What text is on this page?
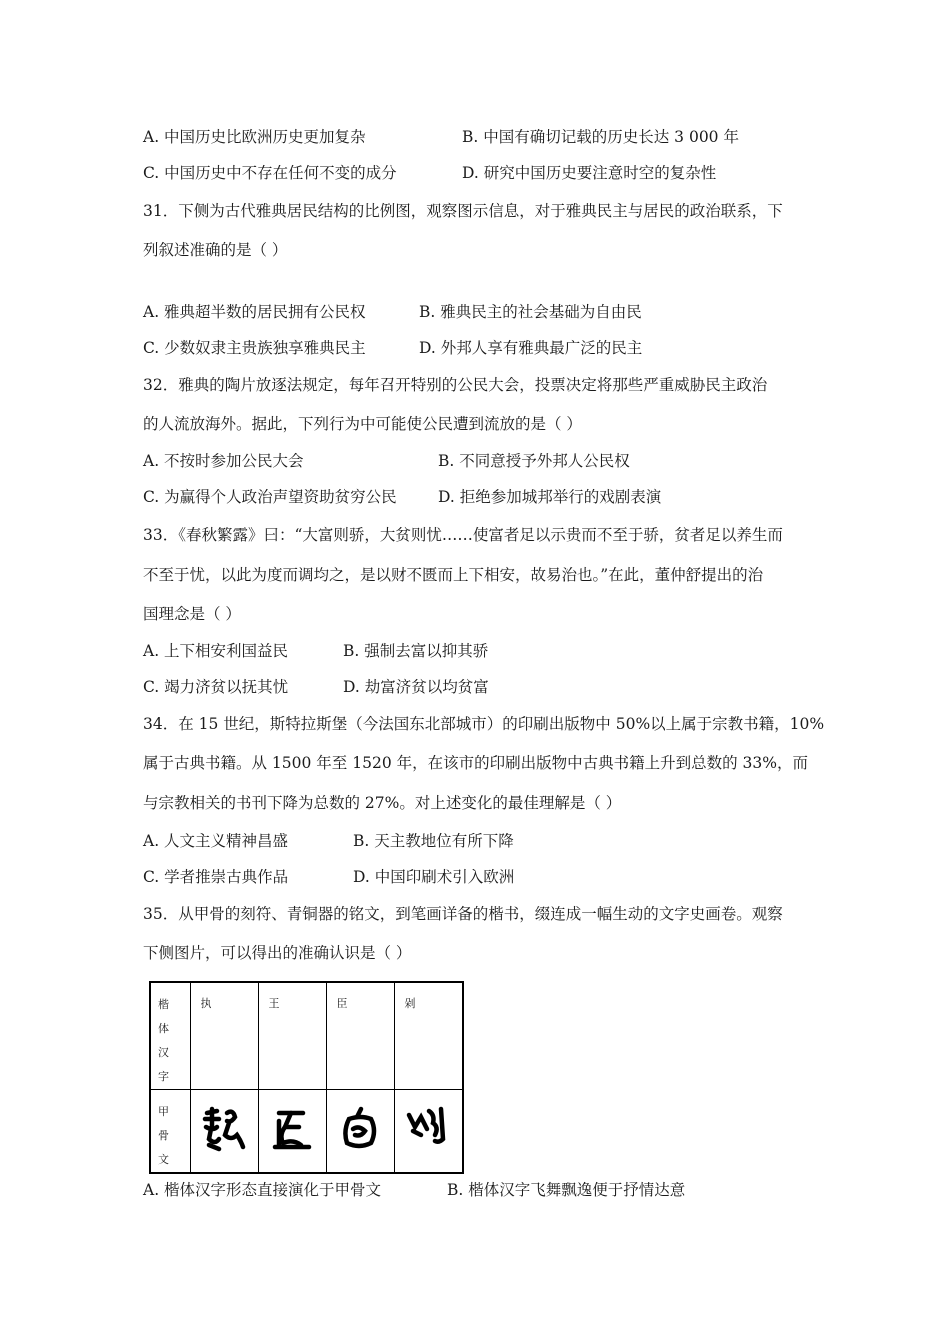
A. 中国历史比欧洲历史更加复杂	B. 中国有确切记载的历史长达 3 000 年
C. 中国历史中不存在任何不变的成分	D. 研究中国历史要注意时空的复杂性
31．下侧为古代雅典居民结构的比例图，观察图示信息，对于雅典民主与居民的政治联系，下
列叙述准确的是（ ）
A. 雅典超半数的居民拥有公民权	B. 雅典民主的社会基础为自由民
C. 少数奴隶主贵族独享雅典民主	D. 外邦人享有雅典最广泛的民主
32．雅典的陶片放逐法规定，每年召开特别的公民大会，投票决定将那些严重威胁民主政治
的人流放海外。据此，下列行为中可能使公民遭到流放的是（ ）
A. 不按时参加公民大会	B. 不同意授予外邦人公民权
C. 为赢得个人政治声望资助贫穷公民	D. 拒绝参加城邦举行的戏剧表演
33．《春秋繁露》曰：“大富则骄，大贫则忧……使富者足以示贵而不至于骄，贫者足以养生而
不至于忧，以此为度而调均之，是以财不匮而上下相安，故易治也。”在此，董仲舒提出的治
国理念是（ ）
A. 上下相安利国益民	B. 强制去富以抑其骄
C. 竭力济贫以抚其忧	D. 劫富济贫以均贫富
34．在 15 世纪，斯特拉斯堡（今法国东北部城市）的印刷出版物中 50%以上属于宗教书籍，10%
属于古典书籍。从 1500 年至 1520 年，在该市的印刷出版物中古典书籍上升到总数的 33%，而
与宗教相关的书刊下降为总数的 27%。对上述变化的最佳理解是（ ）
A. 人文主义精神昌盛	B. 天主教地位有所下降
C. 学者推崇古典作品	D. 中国印刷术引入欧洲
35．从甲骨的刻符、青铜器的铭文，到笔画详备的楷书，缀连成一幅生动的文字史画卷。观察
下侧图片，可以得出的准确认识是（ ）
楷
体
汉
字	执	王	臣	剁

甲
骨
文

A. 楷体汉字形态直接演化于甲骨文	B. 楷体汉字飞舞飘逸便于抒情达意
